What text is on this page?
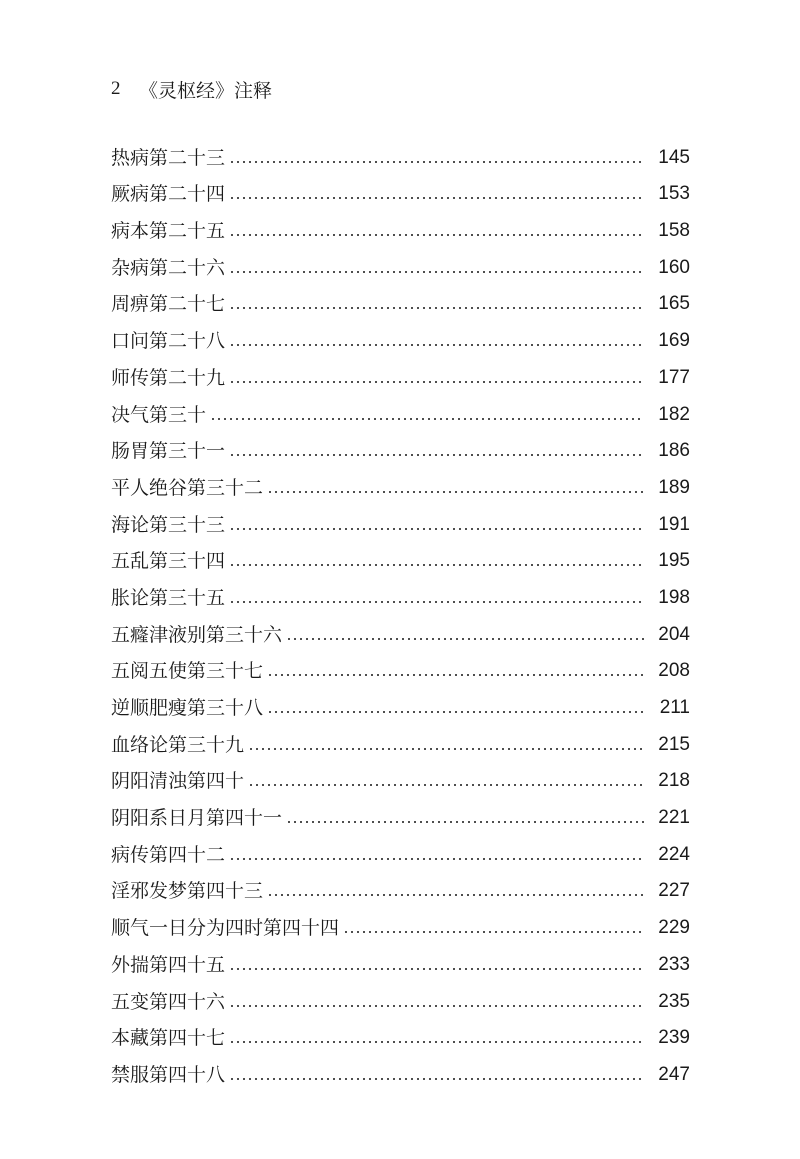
2 《灵枢经》注释
热病第二十三	145
厥病第二十四	153
病本第二十五	158
杂病第二十六	160
周痹第二十七	165
口问第二十八	169
师传第二十九	177
决气第三十	182
肠胃第三十一	186
平人绝谷第三十二	189
海论第三十三	191
五乱第三十四	195
胀论第三十五	198
五癃津液别第三十六	204
五阅五使第三十七	208
逆顺肥瘦第三十八	211
血络论第三十九	215
阴阳清浊第四十	218
阴阳系日月第四十一	221
病传第四十二	224
淫邪发梦第四十三	227
顺气一日分为四时第四十四	229
外揣第四十五	233
五变第四十六	235
本藏第四十七	239
禁服第四十八	247
